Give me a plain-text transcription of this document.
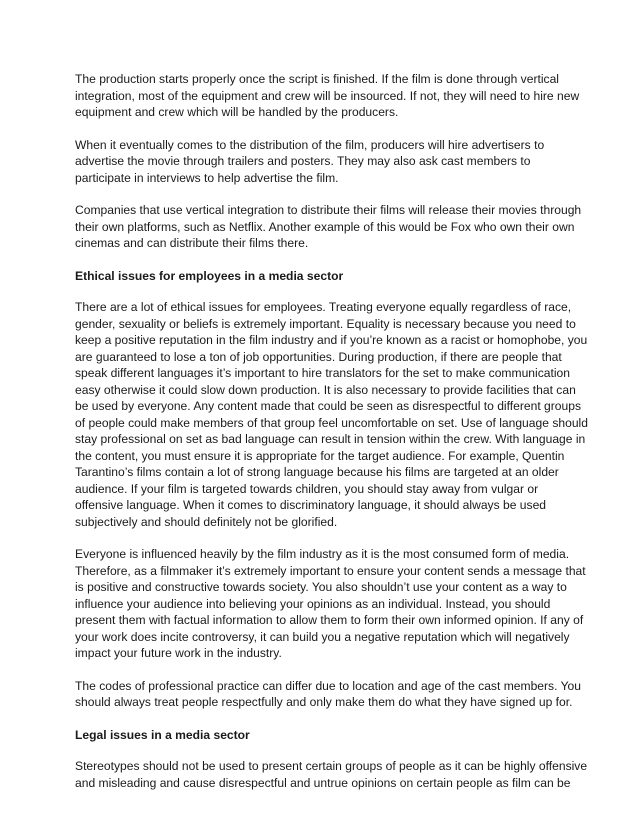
The production starts properly once the script is finished. If the film is done through vertical integration, most of the equipment and crew will be insourced. If not, they will need to hire new equipment and crew which will be handled by the producers.

When it eventually comes to the distribution of the film, producers will hire advertisers to advertise the movie through trailers and posters. They may also ask cast members to participate in interviews to help advertise the film.

Companies that use vertical integration to distribute their films will release their movies through their own platforms, such as Netflix. Another example of this would be Fox who own their own cinemas and can distribute their films there.

Ethical issues for employees in a media sector

There are a lot of ethical issues for employees. Treating everyone equally regardless of race, gender, sexuality or beliefs is extremely important. Equality is necessary because you need to keep a positive reputation in the film industry and if you’re known as a racist or homophobe, you are guaranteed to lose a ton of job opportunities. During production, if there are people that speak different languages it’s important to hire translators for the set to make communication easy otherwise it could slow down production. It is also necessary to provide facilities that can be used by everyone. Any content made that could be seen as disrespectful to different groups of people could make members of that group feel uncomfortable on set. Use of language should stay professional on set as bad language can result in tension within the crew. With language in the content, you must ensure it is appropriate for the target audience. For example, Quentin Tarantino’s films contain a lot of strong language because his films are targeted at an older audience. If your film is targeted towards children, you should stay away from vulgar or offensive language. When it comes to discriminatory language, it should always be used subjectively and should definitely not be glorified.

Everyone is influenced heavily by the film industry as it is the most consumed form of media. Therefore, as a filmmaker it’s extremely important to ensure your content sends a message that is positive and constructive towards society. You also shouldn’t use your content as a way to influence your audience into believing your opinions as an individual. Instead, you should present them with factual information to allow them to form their own informed opinion. If any of your work does incite controversy, it can build you a negative reputation which will negatively impact your future work in the industry.

The codes of professional practice can differ due to location and age of the cast members. You should always treat people respectfully and only make them do what they have signed up for.

Legal issues in a media sector

Stereotypes should not be used to present certain groups of people as it can be highly offensive and misleading and cause disrespectful and untrue opinions on certain people as film can be
